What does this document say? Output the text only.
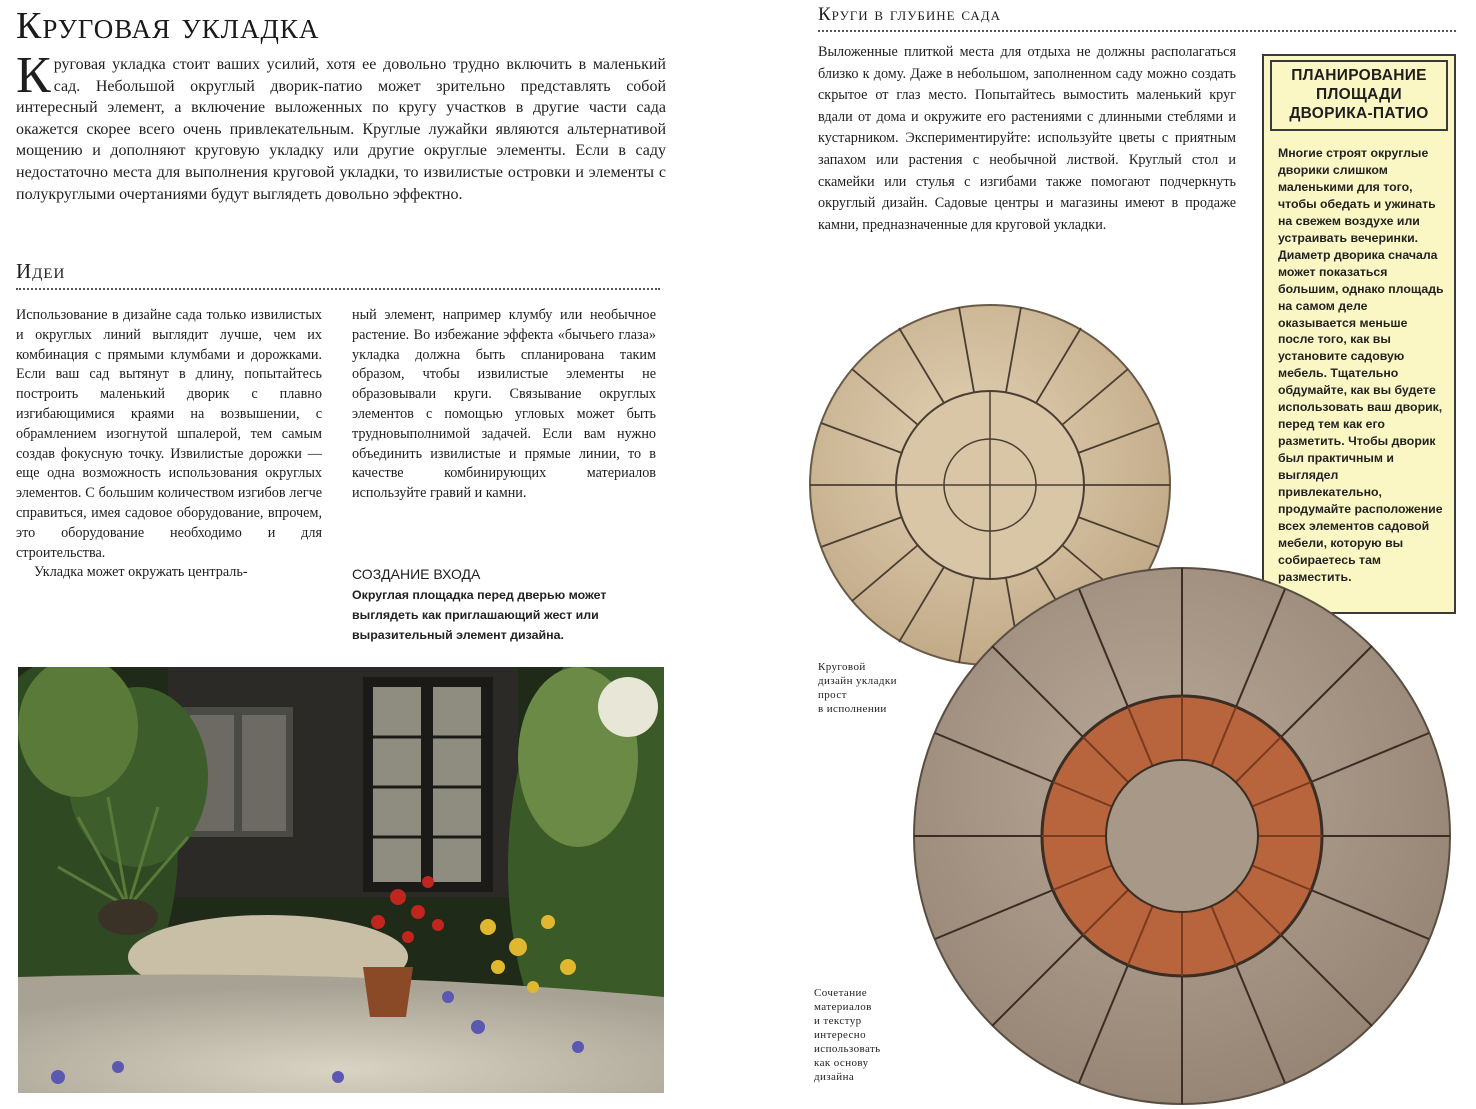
Круговая укладка
К руговая укладка стоит ваших усилий, хотя ее довольно трудно включить в маленький сад. Небольшой округлый дворик-патио может зрительно представлять собой интересный элемент, а включение выложенных по кругу участков в другие части сада окажется скорее всего очень привлекательным. Круглые лужайки являются альтернативой мощению и дополняют круговую укладку или другие округлые элементы. Если в саду недостаточно места для выполнения круговой укладки, то извилистые островки и элементы с полукруглыми очертаниями будут выглядеть довольно эффектно.
Идеи

Использование в дизайне сада только извилистых и округлых линий выглядит лучше, чем их комбинация с прямыми клумбами и дорожками. Если ваш сад вытянут в длину, попытайтесь построить маленький дворик с плавно изгибающимися краями на возвышении, с обрамлением изогнутой шпалерой, тем самым создав фокусную точку. Извилистые дорожки — еще одна возможность использования округлых элементов. С большим количеством изгибов легче справиться, имея садовое оборудование, впрочем, это оборудование необходимо и для строительства.

Укладка может окружать централь-

ный элемент, например клумбу или необычное растение. Во избежание эффекта «бычьего глаза» укладка должна быть спланирована таким образом, чтобы извилистые элементы не образовывали круги. Связывание округлых элементов с помощью угловых может быть трудновыполнимой задачей. Если вам нужно объединить извилистые и прямые линии, то в качестве комбинирующих материалов используйте гравий и камни.

СОЗДАНИЕ ВХОДА

Округлая площадка перед дверью может выглядеть как приглашающий жест или выразительный элемент дизайна.

Круги в глубине сада

Выложенные плиткой места для отдыха не должны располагаться близко к дому. Даже в небольшом, заполненном саду можно создать скрытое от глаз место. Попытайтесь вымостить маленький круг вдали от дома и окружите его растениями с длинными стеблями и кустарником. Экспериментируйте: используйте цветы с приятным запахом или растения с необычной листвой. Круглый стол и скамейки или стулья с изгибами также помогают подчеркнуть округлый дизайн. Садовые центры и магазины имеют в продаже камни, предназначенные для круговой укладки.

ПЛАНИРОВАНИЕ
ПЛОЩАДИ
ДВОРИКА-ПАТИО
Многие строят округлые дворики слишком маленькими для того, чтобы обедать и ужинать на свежем воздухе или устраивать вечеринки. Диаметр дворика сначала может показаться большим, однако площадь на самом деле оказывается меньше после того, как вы установите садовую мебель. Тщательно обдумайте, как вы будете использовать ваш дворик, перед тем как его разметить. Чтобы дворик был практичным и выглядел привлекательно, продумайте расположение всех элементов садовой мебели, которую вы собираетесь там разместить.
Круговой
дизайн укладки
прост
в исполнении
Сочетание
материалов
и текстур
интересно
использовать
как основу
дизайна
